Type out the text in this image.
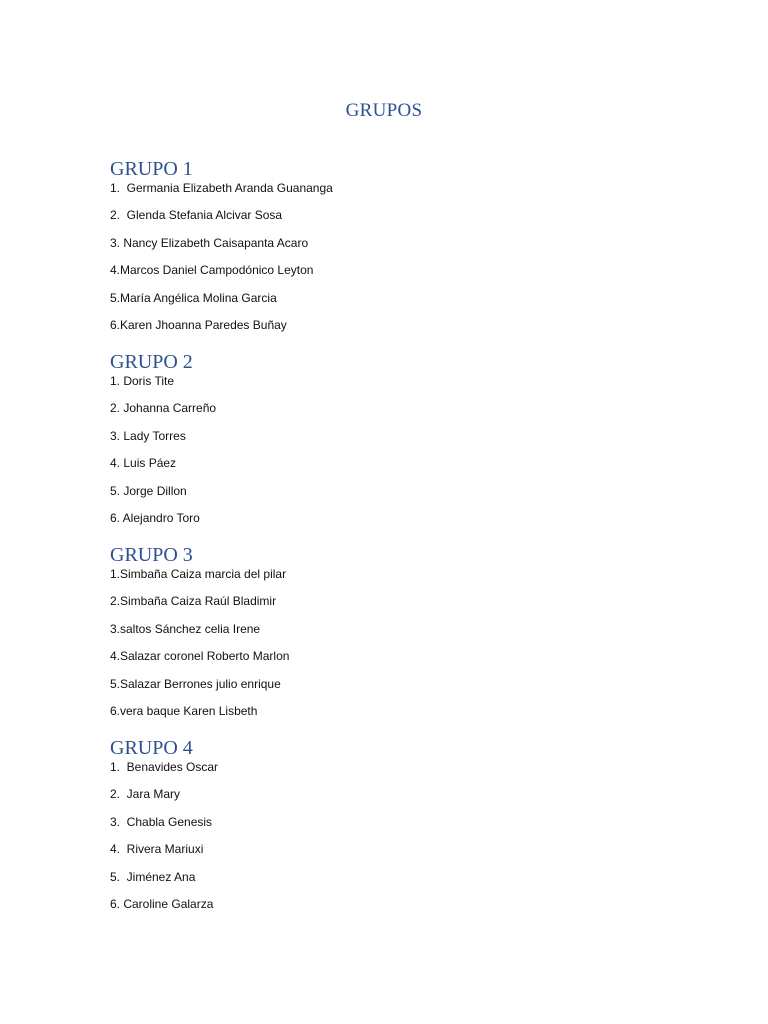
GRUPOS
GRUPO 1
1.  Germania Elizabeth Aranda Guananga
2.  Glenda Stefania Alcivar Sosa
3. Nancy Elizabeth Caisapanta Acaro
4.Marcos Daniel Campodónico Leyton
5.María Angélica Molina Garcia
6.Karen Jhoanna Paredes Buñay
GRUPO 2
1. Doris Tite
2. Johanna Carreño
3. Lady Torres
4. Luis Páez
5. Jorge Dillon
6. Alejandro Toro
GRUPO 3
1.Simbaña Caiza marcia del pilar
2.Simbaña Caiza Raúl Bladimir
3.saltos Sánchez celia Irene
4.Salazar coronel Roberto Marlon
5.Salazar Berrones julio enrique
6.vera baque Karen Lisbeth
GRUPO 4
1.  Benavides Oscar
2.  Jara Mary
3.  Chabla Genesis
4.  Rivera Mariuxi
5.  Jiménez Ana
6. Caroline Galarza
